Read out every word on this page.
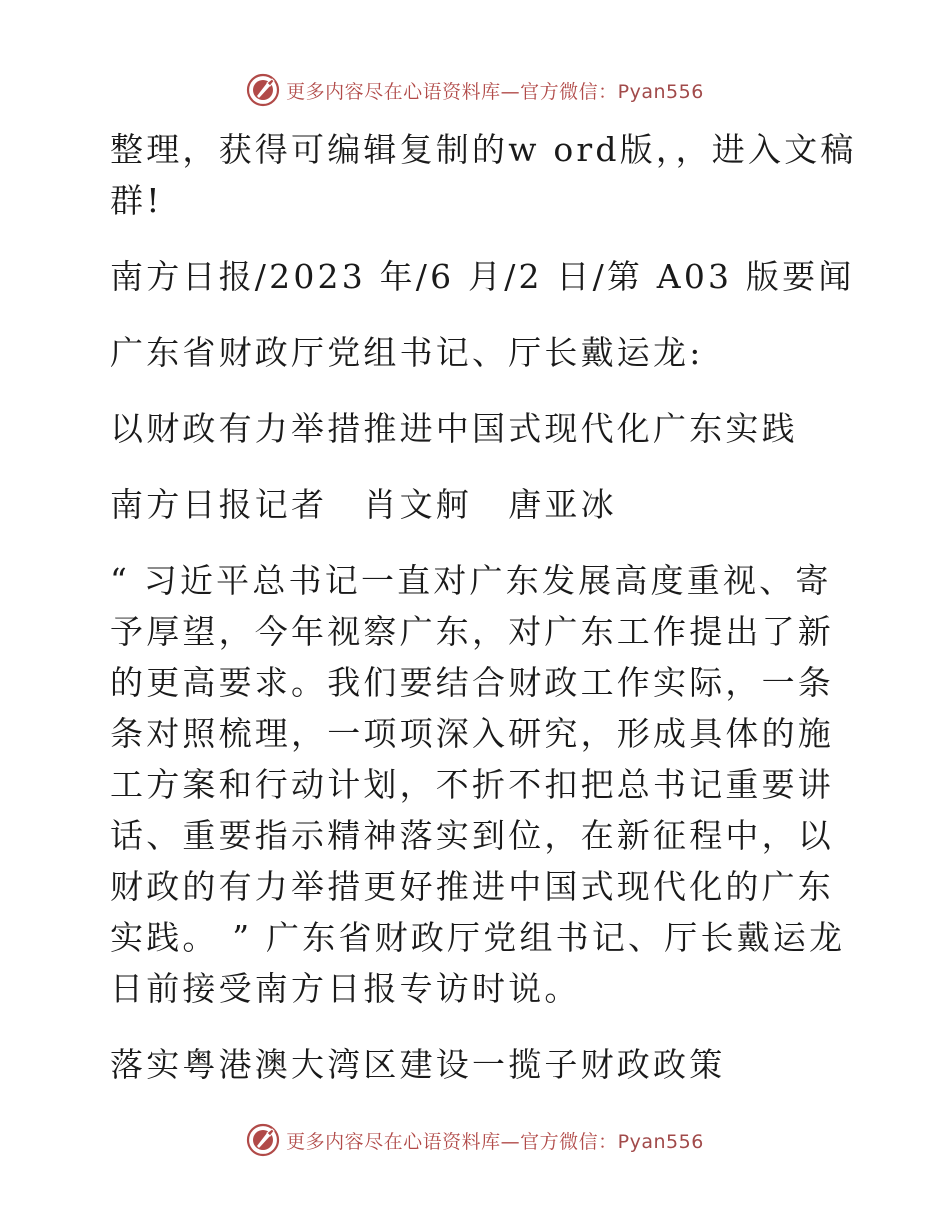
更多内容尽在心语资料库—官方微信：Pyan556

整理，获得可编辑复制的w ord版，，进入文稿群!

南方日报/2023 年/6 月/2 日/第 A03 版要闻

广东省财政厅党组书记、厅长戴运龙:

以财政有力举措推进中国式现代化广东实践

南方日报记者　肖文舸　唐亚冰

“ 习近平总书记一直对广东发展高度重视、寄予厚望，今年视察广东，对广东工作提出了新的更高要求。我们要结合财政工作实际，一条条对照梳理，一项项深入研究，形成具体的施工方案和行动计划，不折不扣把总书记重要讲话、重要指示精神落实到位，在新征程中，以财政的有力举措更好推进中国式现代化的广东实践。 ” 广东省财政厅党组书记、厅长戴运龙日前接受南方日报专访时说。

落实粤港澳大湾区建设一揽子财政政策

更多内容尽在心语资料库—官方微信：Pyan556
